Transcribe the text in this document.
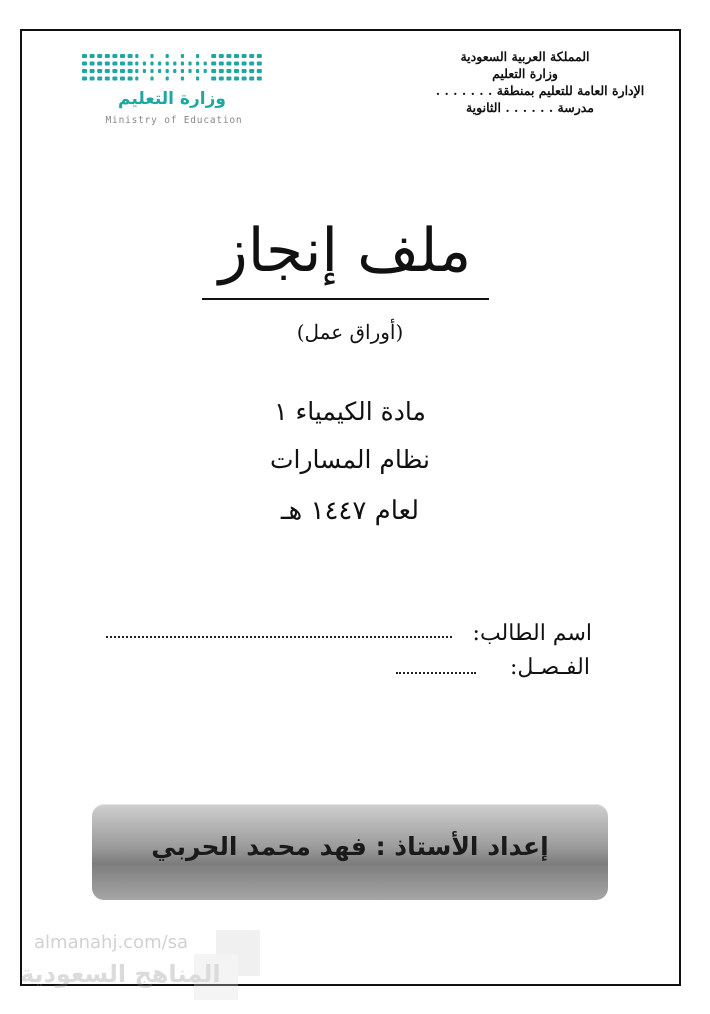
المملكة العربية السعودية
وزارة التعليم
الإدارة العامة للتعليم بمنطقة . . . . . . .
مدرسة . . . . . . الثانوية
وزارة التعليم
Ministry of Education
ملف إنجاز
(أوراق عمل)
مادة الكيمياء ١
نظام المسارات
لعام ١٤٤٧ هـ
اسم الطالب:
الفـصـل:
إعداد الأستاذ : فهد محمد الحربي
almanahj.com/sa
المناهج السعودية
